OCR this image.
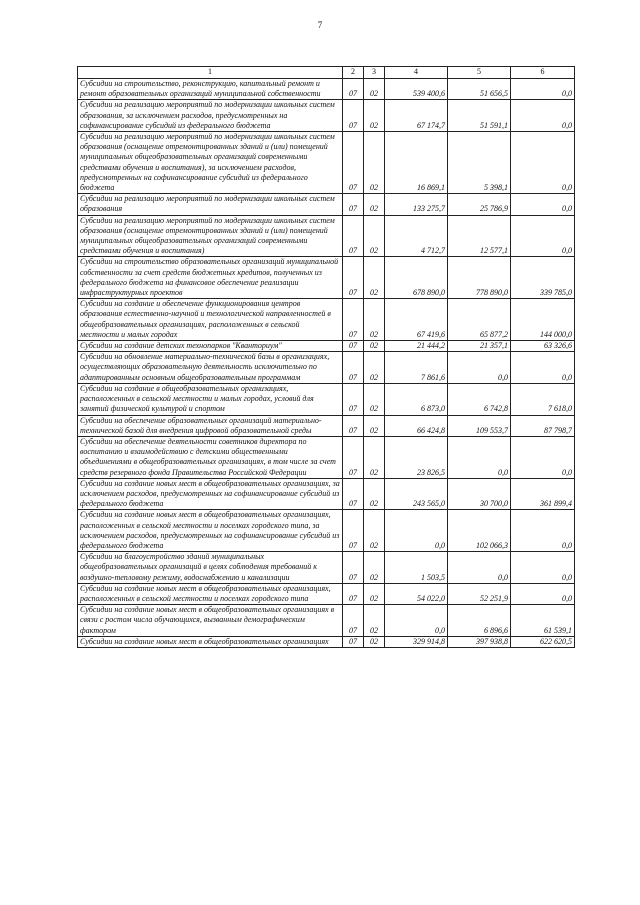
7
1	2	3	4	5	6
Субсидии на строительство, реконструкцию, капитальный ремонт и ремонт образовательных организаций муниципальной собственности	07	02	539 400,6	51 656,5	0,0
Субсидии на реализацию мероприятий по модернизации школьных систем образования, за исключением расходов, предусмотренных на софинансирование субсидий из федерального бюджета	07	02	67 174,7	51 591,1	0,0
Субсидии на реализацию мероприятий по модернизации школьных систем образования (оснащение отремонтированных зданий и (или) помещений муниципальных общеобразовательных организаций современными средствами обучения и воспитания), за исключением расходов, предусмотренных на софинансирование субсидий из федерального бюджета	07	02	16 869,1	5 398,1	0,0
Субсидии на реализацию мероприятий по модернизации школьных систем образования	07	02	133 275,7	25 786,9	0,0
Субсидии на реализацию мероприятий по модернизации школьных систем образования (оснащение отремонтированных зданий и (или) помещений муниципальных общеобразовательных организаций современными средствами обучения и воспитания)	07	02	4 712,7	12 577,1	0,0
Субсидии на строительство образовательных организаций муниципальной собственности за счет средств бюджетных кредитов, полученных из федерального бюджета на финансовое обеспечение реализации инфраструктурных проектов	07	02	678 890,0	778 890,0	339 785,0
Субсидии на создание и обеспечение функционирования центров образования естественно-научной и технологической направленностей в общеобразовательных организациях, расположенных в сельской местности и малых городах	07	02	67 419,6	65 877,2	144 000,0
Субсидии на создание детских технопарков "Кванториум"	07	02	21 444,2	21 357,1	63 326,6
Субсидии на обновление материально-технической базы в организациях, осуществляющих образовательную деятельность исключительно по адаптированным основным общеобразовательным программам	07	02	7 861,6	0,0	0,0
Субсидии на создание в общеобразовательных организациях, расположенных в сельской местности и малых городах, условий для занятий физической культурой и спортом	07	02	6 873,0	6 742,8	7 618,0
Субсидии на обеспечение образовательных организаций материально-технической базой для внедрения цифровой образовательной среды	07	02	66 424,8	109 553,7	87 798,7
Субсидии на обеспечение деятельности советников директора по воспитанию и взаимодействию с детскими общественными объединениями в общеобразовательных организациях, в том числе за счет средств резервного фонда Правительства Российской Федерации	07	02	23 826,5	0,0	0,0
Субсидии на создание новых мест в общеобразовательных организациях, за исключением расходов, предусмотренных на софинансирование субсидий из федерального бюджета	07	02	243 565,0	30 700,0	361 899,4
Субсидии на создание новых мест в общеобразовательных организациях, расположенных в сельской местности и поселках городского типа, за исключением расходов, предусмотренных на софинансирование субсидий из федерального бюджета	07	02	0,0	102 066,3	0,0
Субсидии на благоустройство зданий муниципальных общеобразовательных организаций в целях соблюдения требований к воздушно-тепловому режиму, водоснабжению и канализации	07	02	1 503,5	0,0	0,0
Субсидии на создание новых мест в общеобразовательных организациях, расположенных в сельской местности и поселках городского типа	07	02	54 022,0	52 251,9	0,0
Субсидии на создание новых мест в общеобразовательных организациях в связи с ростом числа обучающихся, вызванным демографическим фактором	07	02	0,0	6 896,6	61 539,1
Субсидии на создание новых мест в общеобразовательных организациях	07	02	329 914,8	397 938,8	622 620,5
